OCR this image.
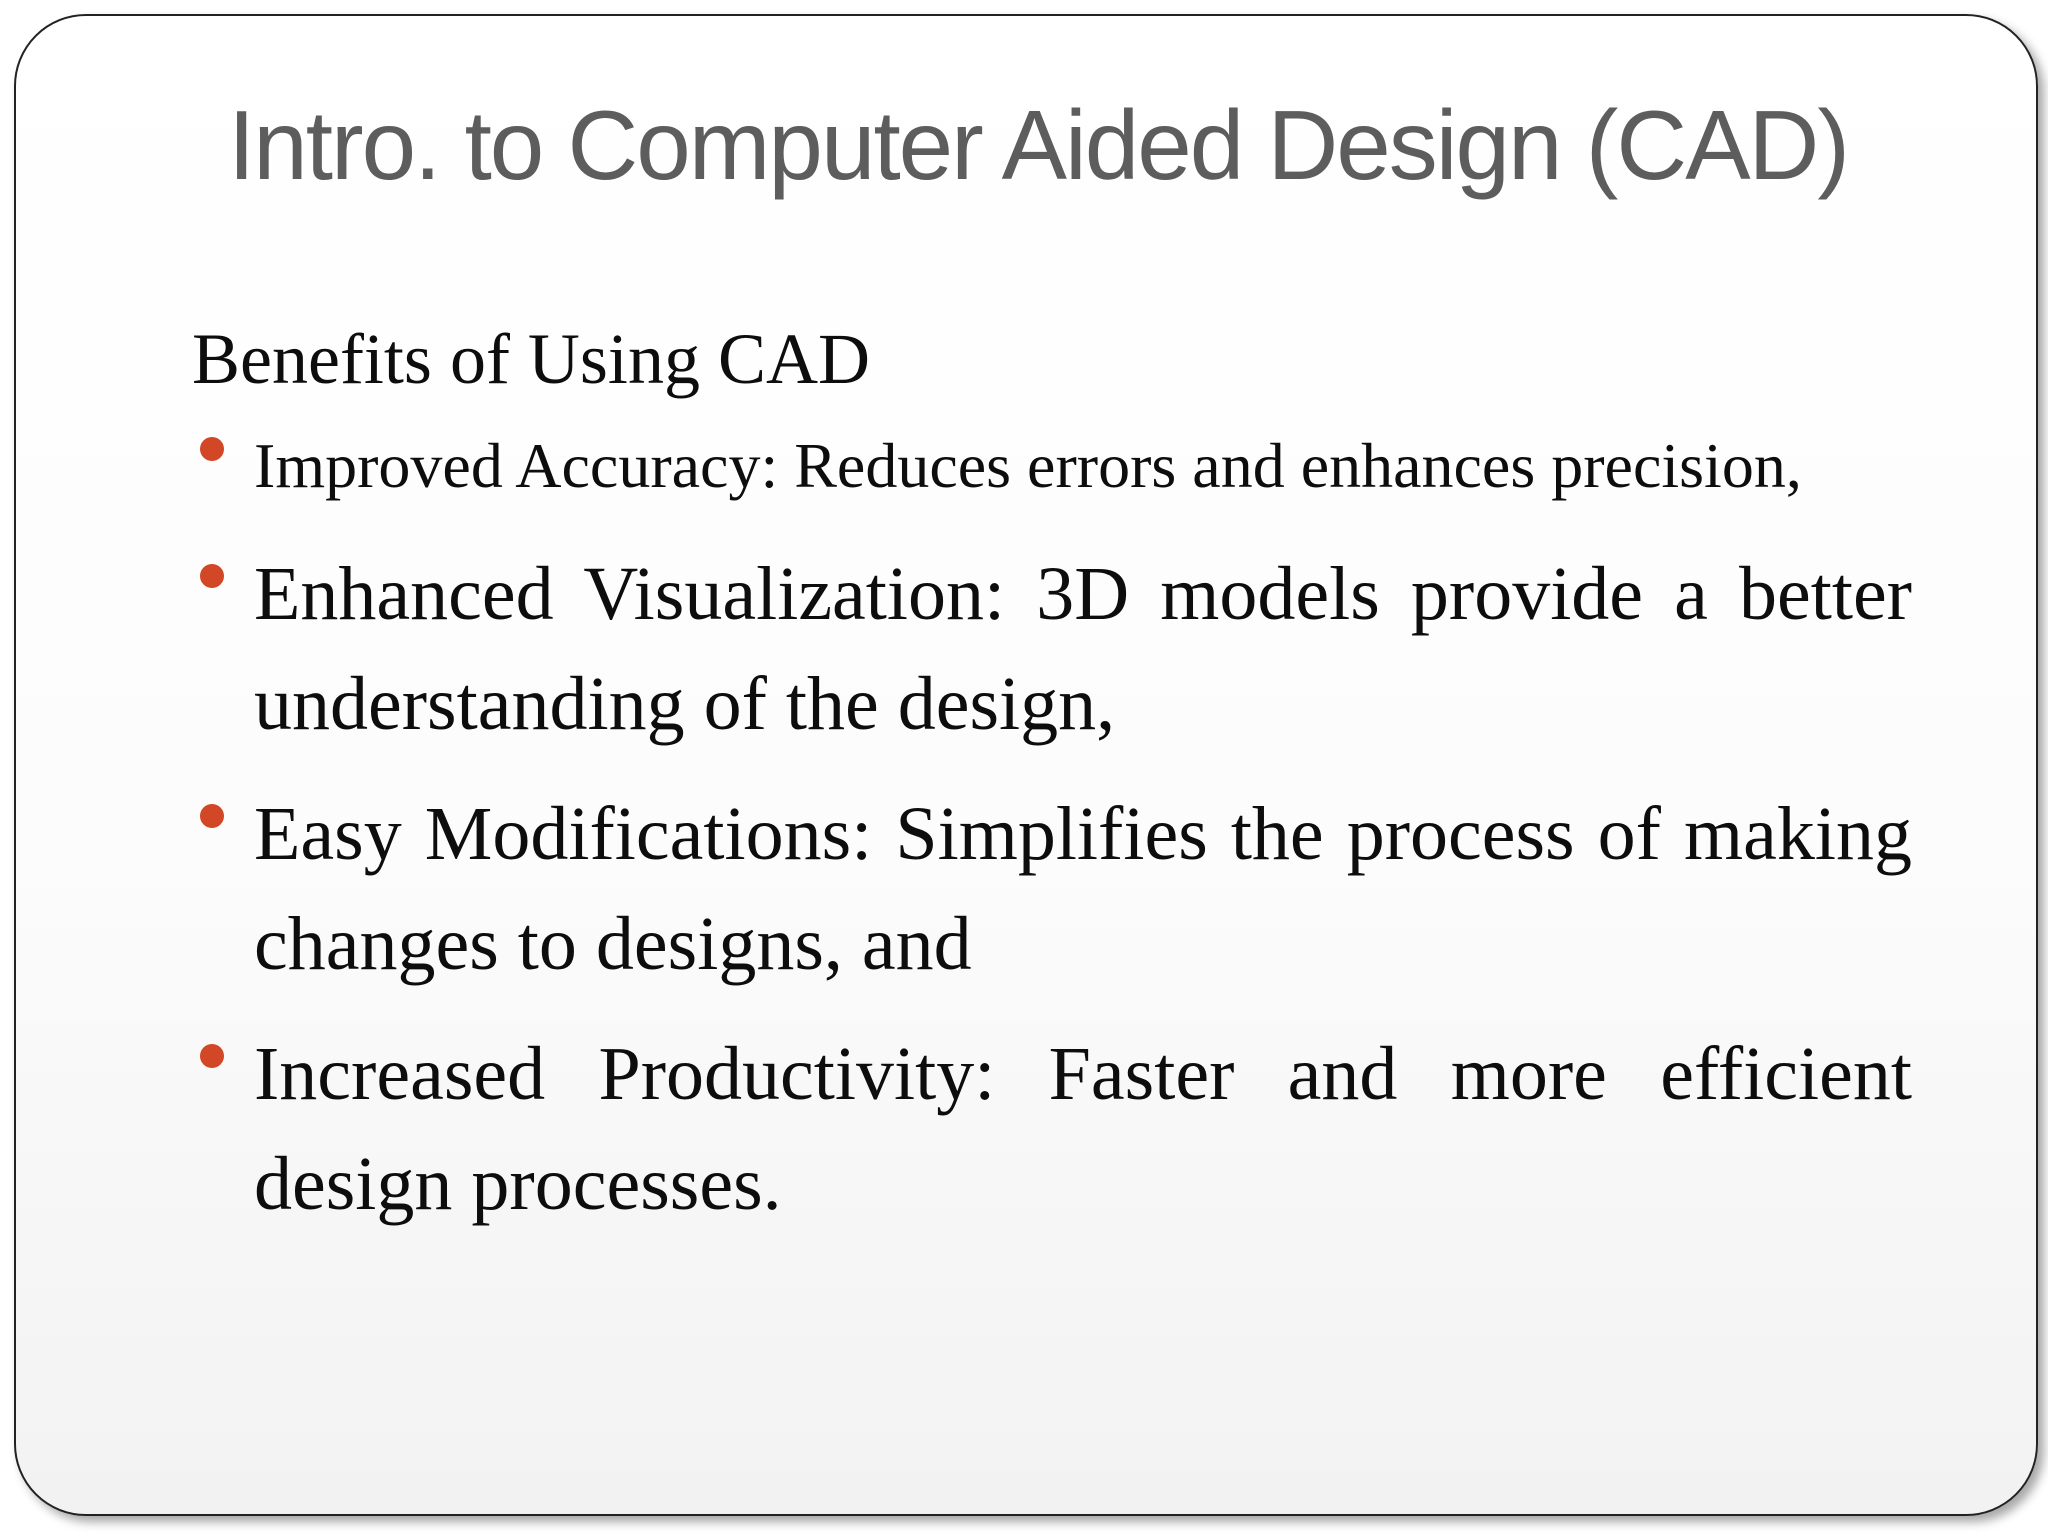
Intro. to Computer Aided Design (CAD)

Benefits of Using CAD

Improved Accuracy: Reduces errors and enhances precision,
Enhanced Visualization: 3D models provide a better understanding of the design,
Easy Modifications: Simplifies the process of making changes to designs, and
Increased Productivity: Faster and more efficient design processes.
